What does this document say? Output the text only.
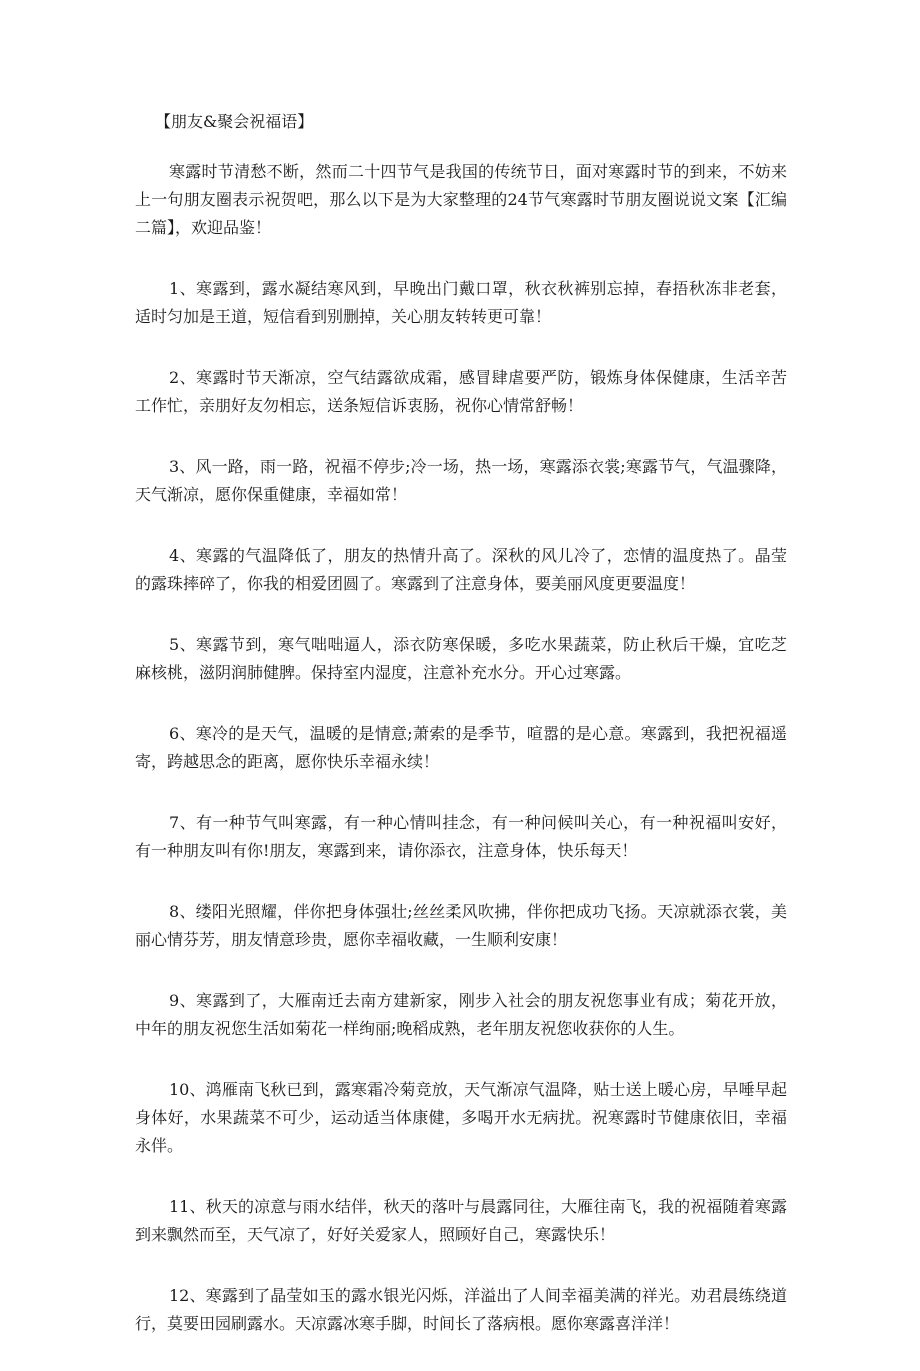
【朋友&聚会祝福语】

寒露时节清愁不断，然而二十四节气是我国的传统节日，面对寒露时节的到来，不妨来上一句朋友圈表示祝贺吧，那么以下是为大家整理的24节气寒露时节朋友圈说说文案【汇编二篇】，欢迎品鉴！

1、寒露到，露水凝结寒风到，早晚出门戴口罩，秋衣秋裤别忘掉，春捂秋冻非老套，适时匀加是王道，短信看到别删掉，关心朋友转转更可靠！

2、寒露时节天渐凉，空气结露欲成霜，感冒肆虐要严防，锻炼身体保健康，生活辛苦工作忙，亲朋好友勿相忘，送条短信诉衷肠，祝你心情常舒畅！

3、风一路，雨一路，祝福不停步;冷一场，热一场，寒露添衣裳;寒露节气，气温骤降，天气渐凉，愿你保重健康，幸福如常！

4、寒露的气温降低了，朋友的热情升高了。深秋的风儿冷了，恋情的温度热了。晶莹的露珠摔碎了，你我的相爱团圆了。寒露到了注意身体，要美丽风度更要温度！

5、寒露节到，寒气咄咄逼人，添衣防寒保暖，多吃水果蔬菜，防止秋后干燥，宜吃芝麻核桃，滋阴润肺健脾。保持室内湿度，注意补充水分。开心过寒露。

6、寒冷的是天气，温暖的是情意;萧索的是季节，喧嚣的是心意。寒露到，我把祝福遥寄，跨越思念的距离，愿你快乐幸福永续！

7、有一种节气叫寒露，有一种心情叫挂念，有一种问候叫关心，有一种祝福叫安好，有一种朋友叫有你!朋友，寒露到来，请你添衣，注意身体，快乐每天！

8、缕阳光照耀，伴你把身体强壮;丝丝柔风吹拂，伴你把成功飞扬。天凉就添衣裳，美丽心情芬芳，朋友情意珍贵，愿你幸福收藏，一生顺利安康！

9、寒露到了，大雁南迁去南方建新家，刚步入社会的朋友祝您事业有成；菊花开放，中年的朋友祝您生活如菊花一样绚丽;晚稻成熟，老年朋友祝您收获你的人生。

10、鸿雁南飞秋已到，露寒霜冷菊竞放，天气渐凉气温降，贴士送上暖心房，早唾早起身体好，水果蔬菜不可少，运动适当体康健，多喝开水无病扰。祝寒露时节健康依旧，幸福永伴。

11、秋天的凉意与雨水结伴，秋天的落叶与晨露同往，大雁往南飞，我的祝福随着寒露到来飘然而至，天气凉了，好好关爱家人，照顾好自己，寒露快乐！

12、寒露到了晶莹如玉的露水银光闪烁，洋溢出了人间幸福美满的祥光。劝君晨练绕道行，莫要田园刷露水。天凉露冰寒手脚，时间长了落病根。愿你寒露喜洋洋！
